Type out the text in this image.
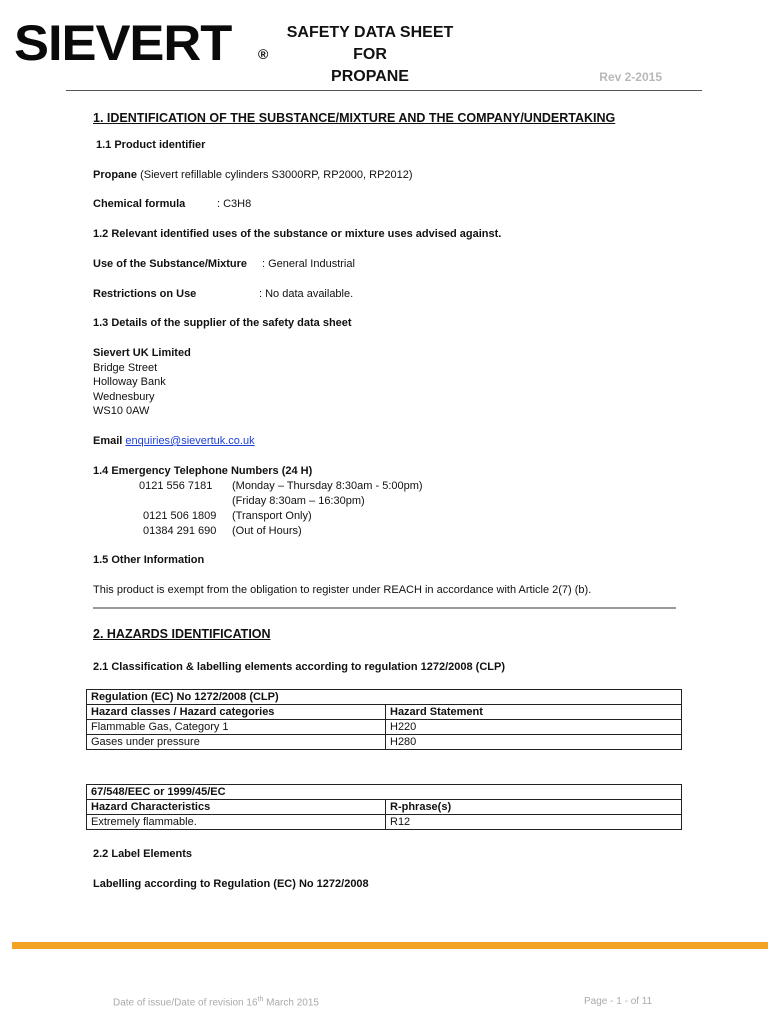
SIEVERT ®
SAFETY DATA SHEET FOR
PROPANE	Rev 2-2015
1. IDENTIFICATION OF THE SUBSTANCE/MIXTURE AND THE COMPANY/UNDERTAKING
1.1 Product identifier
Propane (Sievert refillable cylinders S3000RP, RP2000, RP2012)
Chemical formula	: C3H8
1.2 Relevant identified uses of the substance or mixture uses advised against.
Use of the Substance/Mixture : General Industrial
Restrictions on Use	: No data available.
1.3 Details of the supplier of the safety data sheet
Sievert UK Limited
Bridge Street
Holloway Bank
Wednesbury
WS10 0AW
Email enquiries@sievertuk.co.uk
1.4 Emergency Telephone Numbers (24 H)
0121 556 7181 (Monday – Thursday 8:30am - 5:00pm)
(Friday 8:30am – 16:30pm)
0121 506 1809 (Transport Only)
01384 291 690 (Out of Hours)
1.5 Other Information
This product is exempt from the obligation to register under REACH in accordance with Article 2(7) (b).
2. HAZARDS IDENTIFICATION
2.1 Classification & labelling elements according to regulation 1272/2008 (CLP)
Regulation (EC) No 1272/2008 (CLP)	
Hazard classes / Hazard categories	Hazard Statement
Flammable Gas, Category 1	H220
Gases under pressure	H280
67/548/EEC or 1999/45/EC	
Hazard Characteristics	R-phrase(s)
Extremely flammable.	R12
2.2 Label Elements
Labelling according to Regulation (EC) No 1272/2008
Date of issue/Date of revision 16th March 2015	Page - 1 - of 11
